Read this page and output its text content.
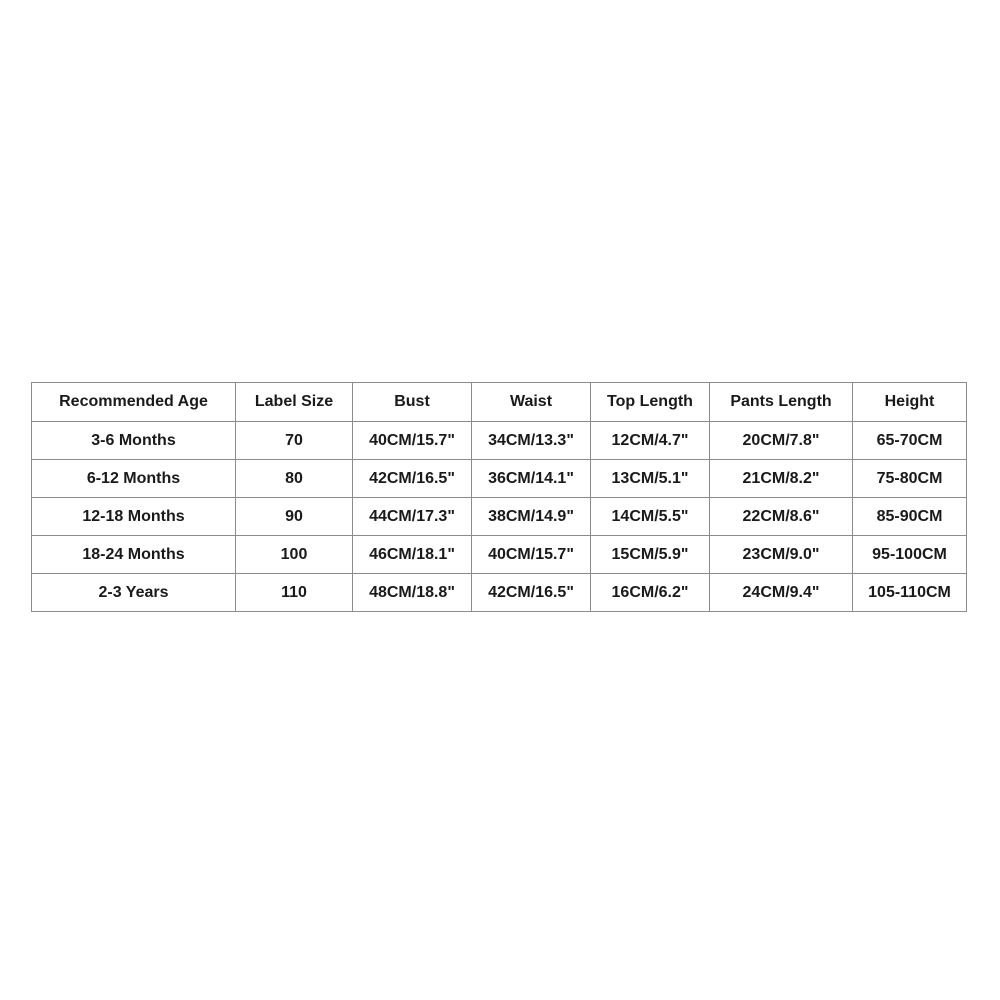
Recommended Age	Label Size	Bust	Waist	Top Length	Pants Length	Height
3-6 Months	70	40CM/15.7"	34CM/13.3"	12CM/4.7"	20CM/7.8"	65-70CM
6-12 Months	80	42CM/16.5"	36CM/14.1"	13CM/5.1"	21CM/8.2"	75-80CM
12-18 Months	90	44CM/17.3"	38CM/14.9"	14CM/5.5"	22CM/8.6"	85-90CM
18-24 Months	100	46CM/18.1"	40CM/15.7"	15CM/5.9"	23CM/9.0"	95-100CM
2-3 Years	110	48CM/18.8"	42CM/16.5"	16CM/6.2"	24CM/9.4"	105-110CM
